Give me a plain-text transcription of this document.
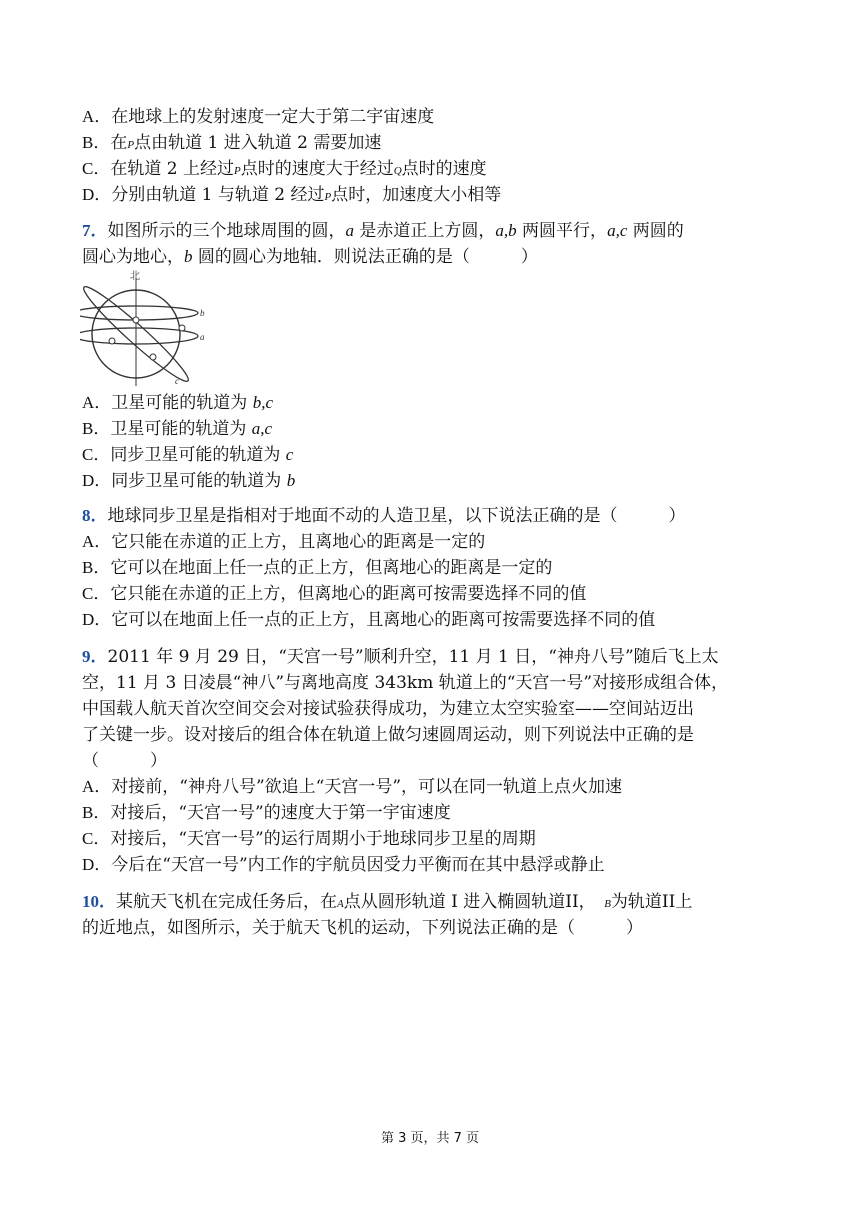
A．在地球上的发射速度一定大于第二宇宙速度
B．在P点由轨道 1 进入轨道 2 需要加速
C．在轨道 2 上经过P点时的速度大于经过Q点时的速度
D．分别由轨道 1 与轨道 2 经过P点时，加速度大小相等
7．如图所示的三个地球周围的圆，a 是赤道正上方圆，a,b 两圆平行，a,c 两圆的
圆心为地心，b 圆的圆心为地轴．则说法正确的是（　　　）
北
b
a
c
A．卫星可能的轨道为 b,c
B．卫星可能的轨道为 a,c
C．同步卫星可能的轨道为 c
D．同步卫星可能的轨道为 b
8．地球同步卫星是指相对于地面不动的人造卫星，以下说法正确的是（　　　）
A．它只能在赤道的正上方，且离地心的距离是一定的
B．它可以在地面上任一点的正上方，但离地心的距离是一定的
C．它只能在赤道的正上方，但离地心的距离可按需要选择不同的值
D．它可以在地面上任一点的正上方，且离地心的距离可按需要选择不同的值
9．2011 年 9 月 29 日，“天宫一号”顺利升空，11 月 1 日，“神舟八号”随后飞上太
空，11 月 3 日凌晨“神八”与离地高度 343km 轨道上的“天宫一号”对接形成组合体，
中国载人航天首次空间交会对接试验获得成功，为建立太空实验室——空间站迈出
了关键一步。设对接后的组合体在轨道上做匀速圆周运动，则下列说法中正确的是
（　　　）
A．对接前，“神舟八号”欲追上“天宫一号”，可以在同一轨道上点火加速
B．对接后，“天宫一号”的速度大于第一宇宙速度
C．对接后，“天宫一号”的运行周期小于地球同步卫星的周期
D．今后在“天宫一号”内工作的宇航员因受力平衡而在其中悬浮或静止
10．某航天飞机在完成任务后，在A点从圆形轨道 I 进入椭圆轨道II，　B为轨道II上
的近地点，如图所示，关于航天飞机的运动，下列说法正确的是（　　　）
第 3 页，共 7 页
